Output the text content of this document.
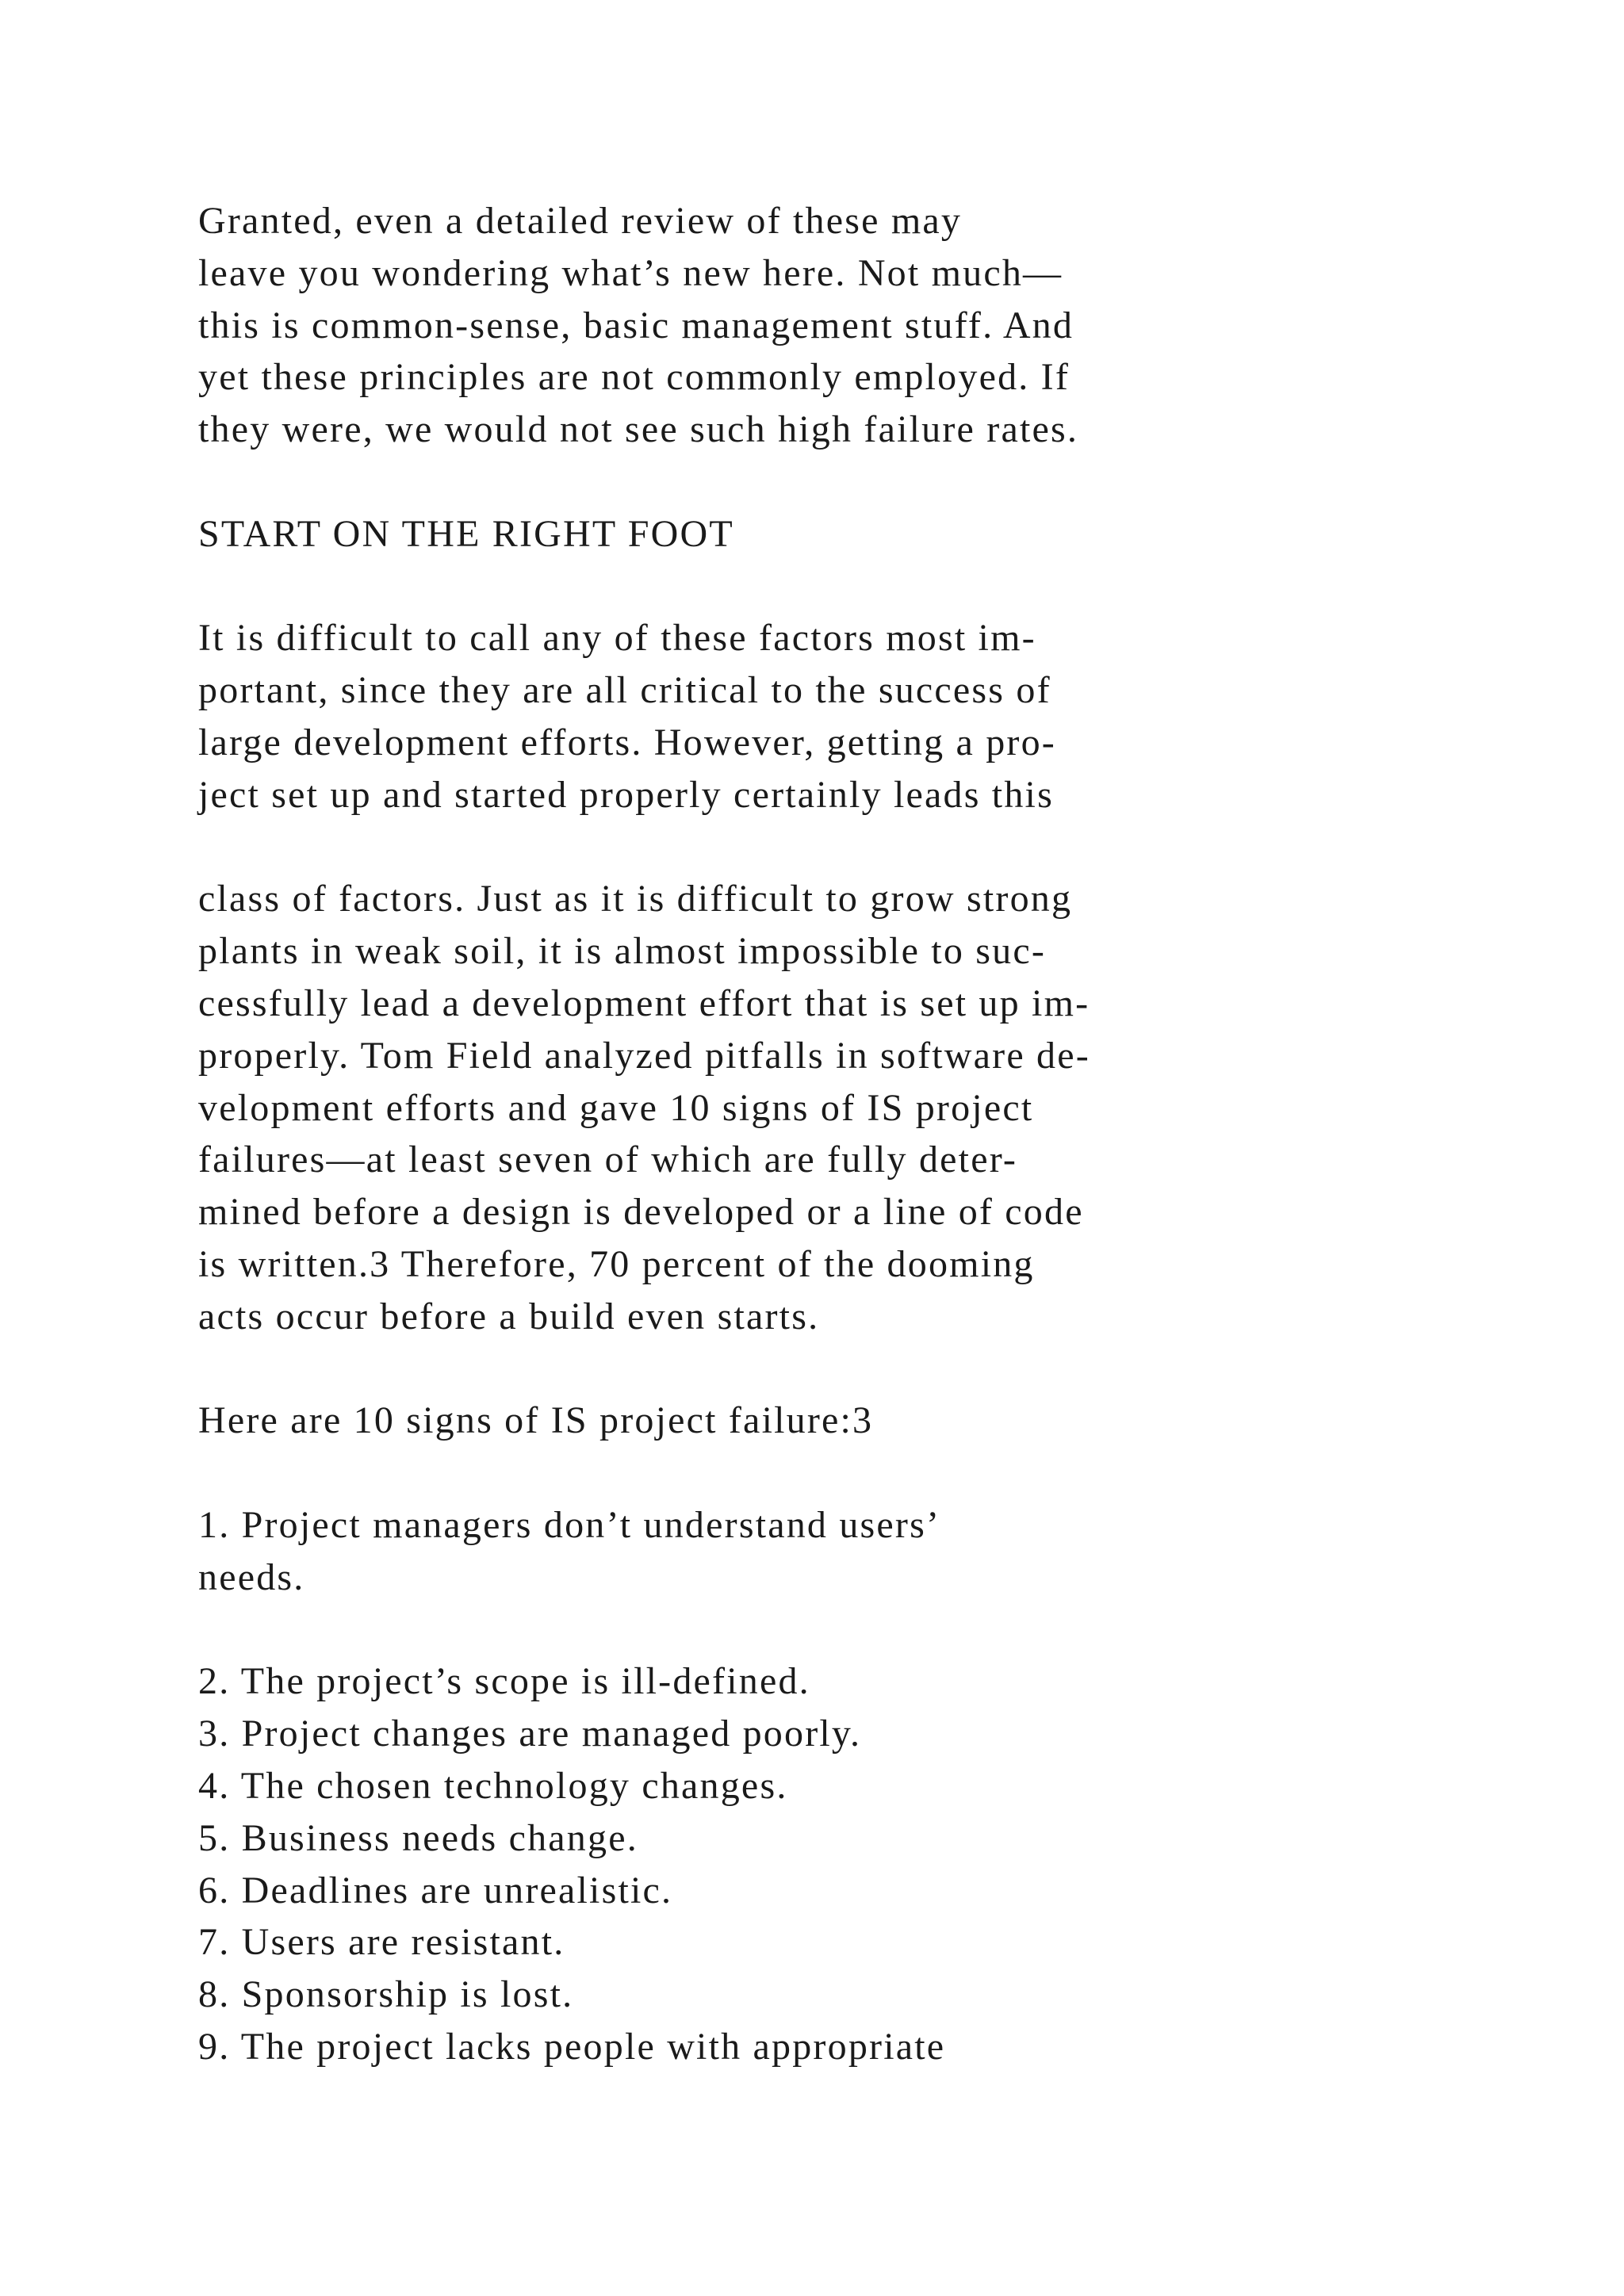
Granted, even a detailed review of these may
leave you wondering what’s new here. Not much—
this is common-sense, basic management stuff. And
yet these principles are not commonly employed. If
they were, we would not see such high failure rates.
START ON THE RIGHT FOOT
It is difficult to call any of these factors most im-
portant, since they are all critical to the success of
large development efforts. However, getting a pro-
ject set up and started properly certainly leads this
class of factors. Just as it is difficult to grow strong
plants in weak soil, it is almost impossible to suc-
cessfully lead a development effort that is set up im-
properly. Tom Field analyzed pitfalls in software de-
velopment efforts and gave 10 signs of IS project
failures—at least seven of which are fully deter-
mined before a design is developed or a line of code
is written.3 Therefore, 70 percent of the dooming
acts occur before a build even starts.
Here are 10 signs of IS project failure:3
1. Project managers don’t understand users’
needs.
2. The project’s scope is ill-defined.
3. Project changes are managed poorly.
4. The chosen technology changes.
5. Business needs change.
6. Deadlines are unrealistic.
7. Users are resistant.
8. Sponsorship is lost.
9. The project lacks people with appropriate
